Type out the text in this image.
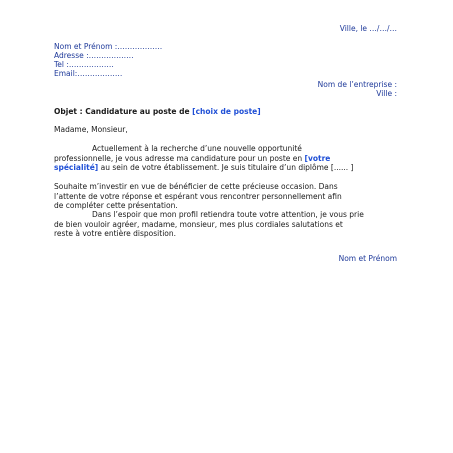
Ville, le …/…/…
Nom et Prénom :………………
Adresse :………………
Tel :………………
Email:………………
Nom de l’entreprise :
Ville :
Objet : Candidature au poste de [choix de poste]
Madame, Monsieur,

Actuellement à la recherche d’une nouvelle opportunité

professionnelle, je vous adresse ma candidature pour un poste en [votre

spécialité] au sein de votre établissement. Je suis titulaire d’un diplôme [...... ]

Souhaite m’investir en vue de bénéficier de cette précieuse occasion. Dans

l’attente de votre réponse et espérant vous rencontrer personnellement afin

de compléter cette présentation.

Dans l’espoir que mon profil retiendra toute votre attention, je vous prie

de bien vouloir agréer, madame, monsieur, mes plus cordiales salutations et

reste à votre entière disposition.

Nom et Prénom
